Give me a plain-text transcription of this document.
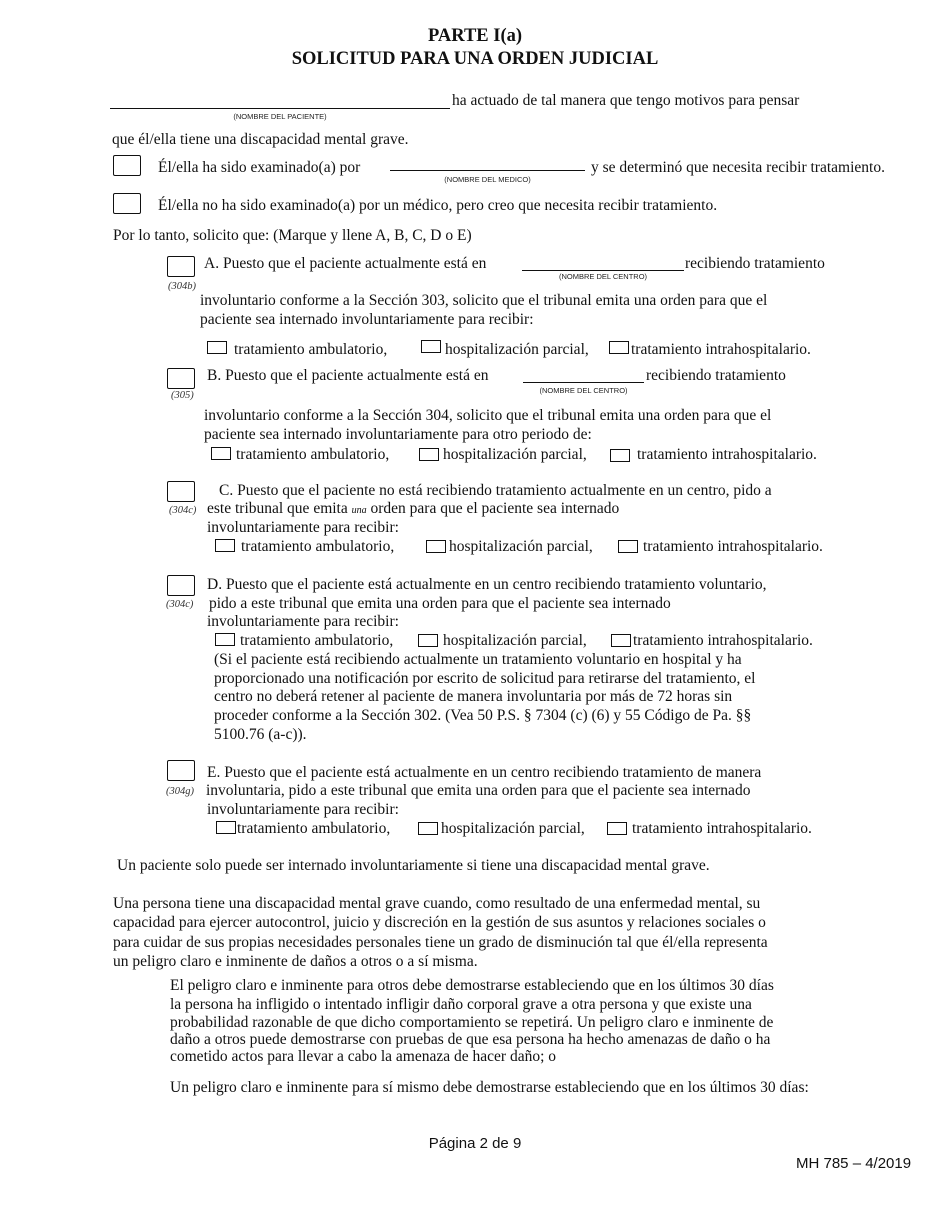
PARTE I(a)
SOLICITUD PARA UNA ORDEN JUDICIAL
ha actuado de tal manera que tengo motivos para pensar
(NOMBRE DEL PACIENTE)
que él/ella tiene una discapacidad mental grave.
Él/ella ha sido examinado(a) por
(NOMBRE DEL MEDICO)
y se determinó que necesita recibir tratamiento.
Él/ella no ha sido examinado(a) por un médico, pero creo que necesita recibir tratamiento.
Por lo tanto, solicito que: (Marque y llene A, B, C, D o E)
(304b)
A. Puesto que el paciente actualmente está en
(NOMBRE DEL CENTRO)
recibiendo tratamiento
involuntario conforme a la Sección 303, solicito que el tribunal emita una orden para que el
paciente sea internado involuntariamente para recibir:
tratamiento ambulatorio,	hospitalización parcial,	tratamiento intrahospitalario.
(305)
B. Puesto que el paciente actualmente está en
(NOMBRE DEL CENTRO)
recibiendo tratamiento
involuntario conforme a la Sección 304, solicito que el tribunal emita una orden para que el
paciente sea internado involuntariamente para otro periodo de:
tratamiento ambulatorio,	hospitalización parcial,	tratamiento intrahospitalario.
(304c)
C. Puesto que el paciente no está recibiendo tratamiento actualmente en un centro, pido a
este tribunal que emita una orden para que el paciente sea internado
involuntariamente para recibir:
tratamiento ambulatorio,	hospitalización parcial,	tratamiento intrahospitalario.
(304c)
D. Puesto que el paciente está actualmente en un centro recibiendo tratamiento voluntario,
pido a este tribunal que emita una orden para que el paciente sea internado
involuntariamente para recibir:
tratamiento ambulatorio,	hospitalización parcial,	tratamiento intrahospitalario.
(Si el paciente está recibiendo actualmente un tratamiento voluntario en hospital y ha
proporcionado una notificación por escrito de solicitud para retirarse del tratamiento, el
centro no deberá retener al paciente de manera involuntaria por más de 72 horas sin
proceder conforme a la Sección 302. (Vea 50 P.S. § 7304 (c) (6) y 55 Código de Pa. §§
5100.76 (a-c)).
(304g)
E. Puesto que el paciente está actualmente en un centro recibiendo tratamiento de manera
involuntaria, pido a este tribunal que emita una orden para que el paciente sea internado
involuntariamente para recibir:
tratamiento ambulatorio,	hospitalización parcial,	tratamiento intrahospitalario.
Un paciente solo puede ser internado involuntariamente si tiene una discapacidad mental grave.
Una persona tiene una discapacidad mental grave cuando, como resultado de una enfermedad mental, su
capacidad para ejercer autocontrol, juicio y discreción en la gestión de sus asuntos y relaciones sociales o
para cuidar de sus propias necesidades personales tiene un grado de disminución tal que él/ella representa
un peligro claro e inminente de daños a otros o a sí misma.
El peligro claro e inminente para otros debe demostrarse estableciendo que en los últimos 30 días
la persona ha infligido o intentado infligir daño corporal grave a otra persona y que existe una
probabilidad razonable de que dicho comportamiento se repetirá. Un peligro claro e inminente de
daño a otros puede demostrarse con pruebas de que esa persona ha hecho amenazas de daño o ha
cometido actos para llevar a cabo la amenaza de hacer daño; o
Un peligro claro e inminente para sí mismo debe demostrarse estableciendo que en los últimos 30 días:
Página 2 de 9
MH 785 – 4/2019
